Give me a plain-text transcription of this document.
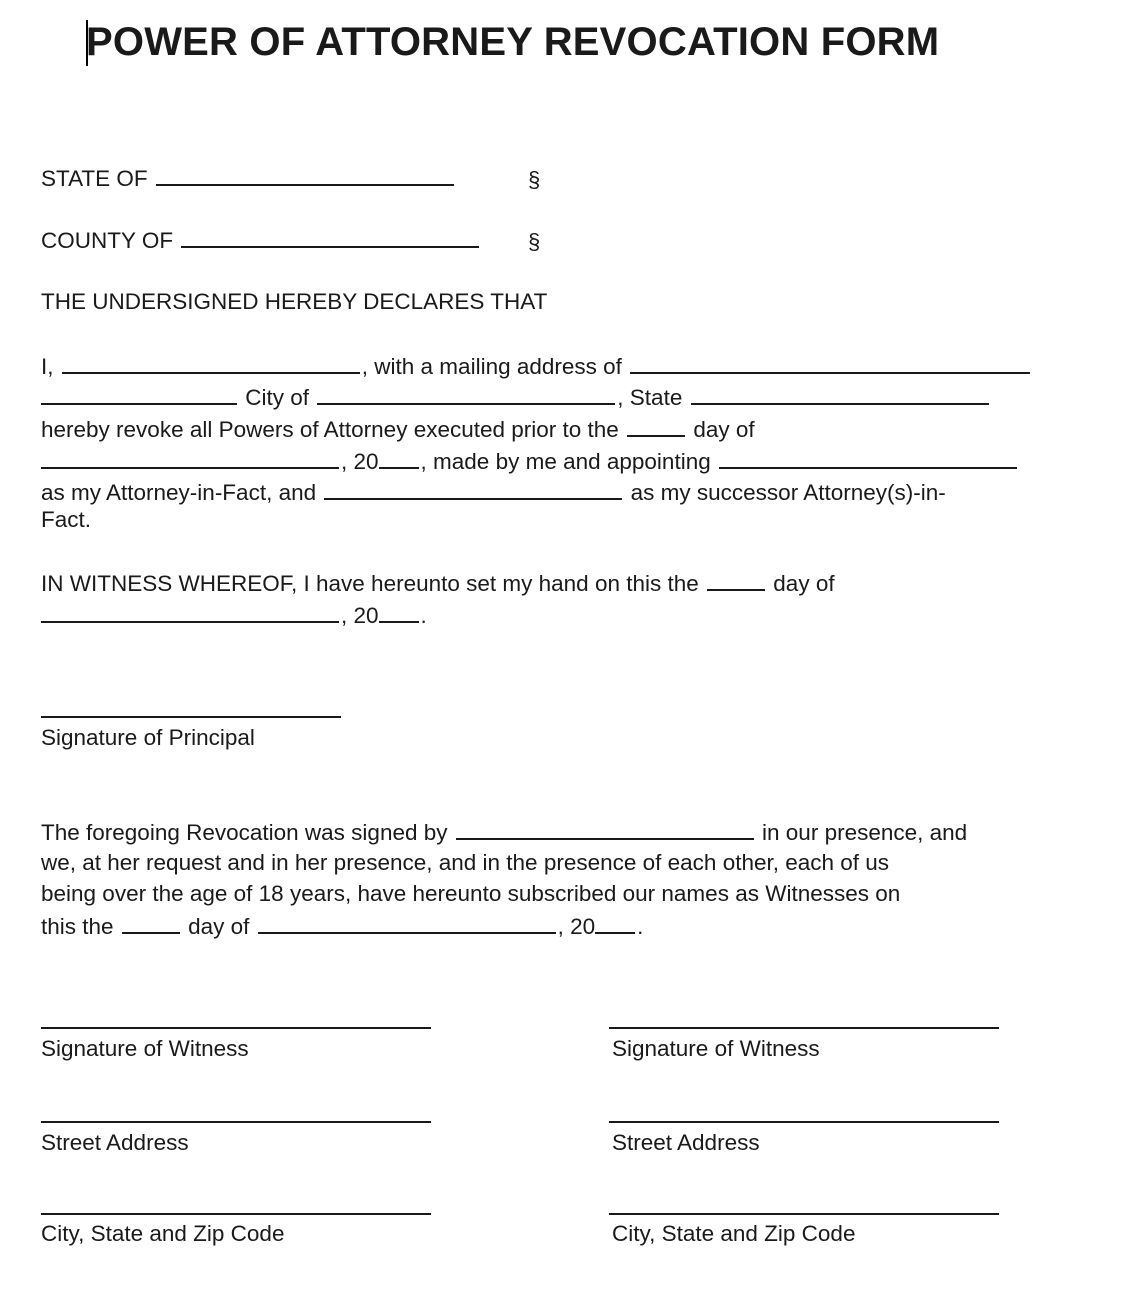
POWER OF ATTORNEY REVOCATION FORM
STATE OF	§
COUNTY OF	§
THE UNDERSIGNED HEREBY DECLARES THAT
I,	, with a mailing address of
City of	, State
hereby revoke all Powers of Attorney executed prior to the	day of
, 20 , made by me and appointing
as my Attorney-in-Fact, and	as my successor Attorney(s)-in-
Fact.
IN WITNESS WHEREOF, I have hereunto set my hand on this the	day of
, 20 .
Signature of Principal
The foregoing Revocation was signed by	in our presence, and
we, at her request and in her presence, and in the presence of each other, each of us
being over the age of 18 years, have hereunto subscribed our names as Witnesses on
this the	day of	, 20 .
Signature of Witness
Street Address
City, State and Zip Code
Signature of Witness
Street Address
City, State and Zip Code
